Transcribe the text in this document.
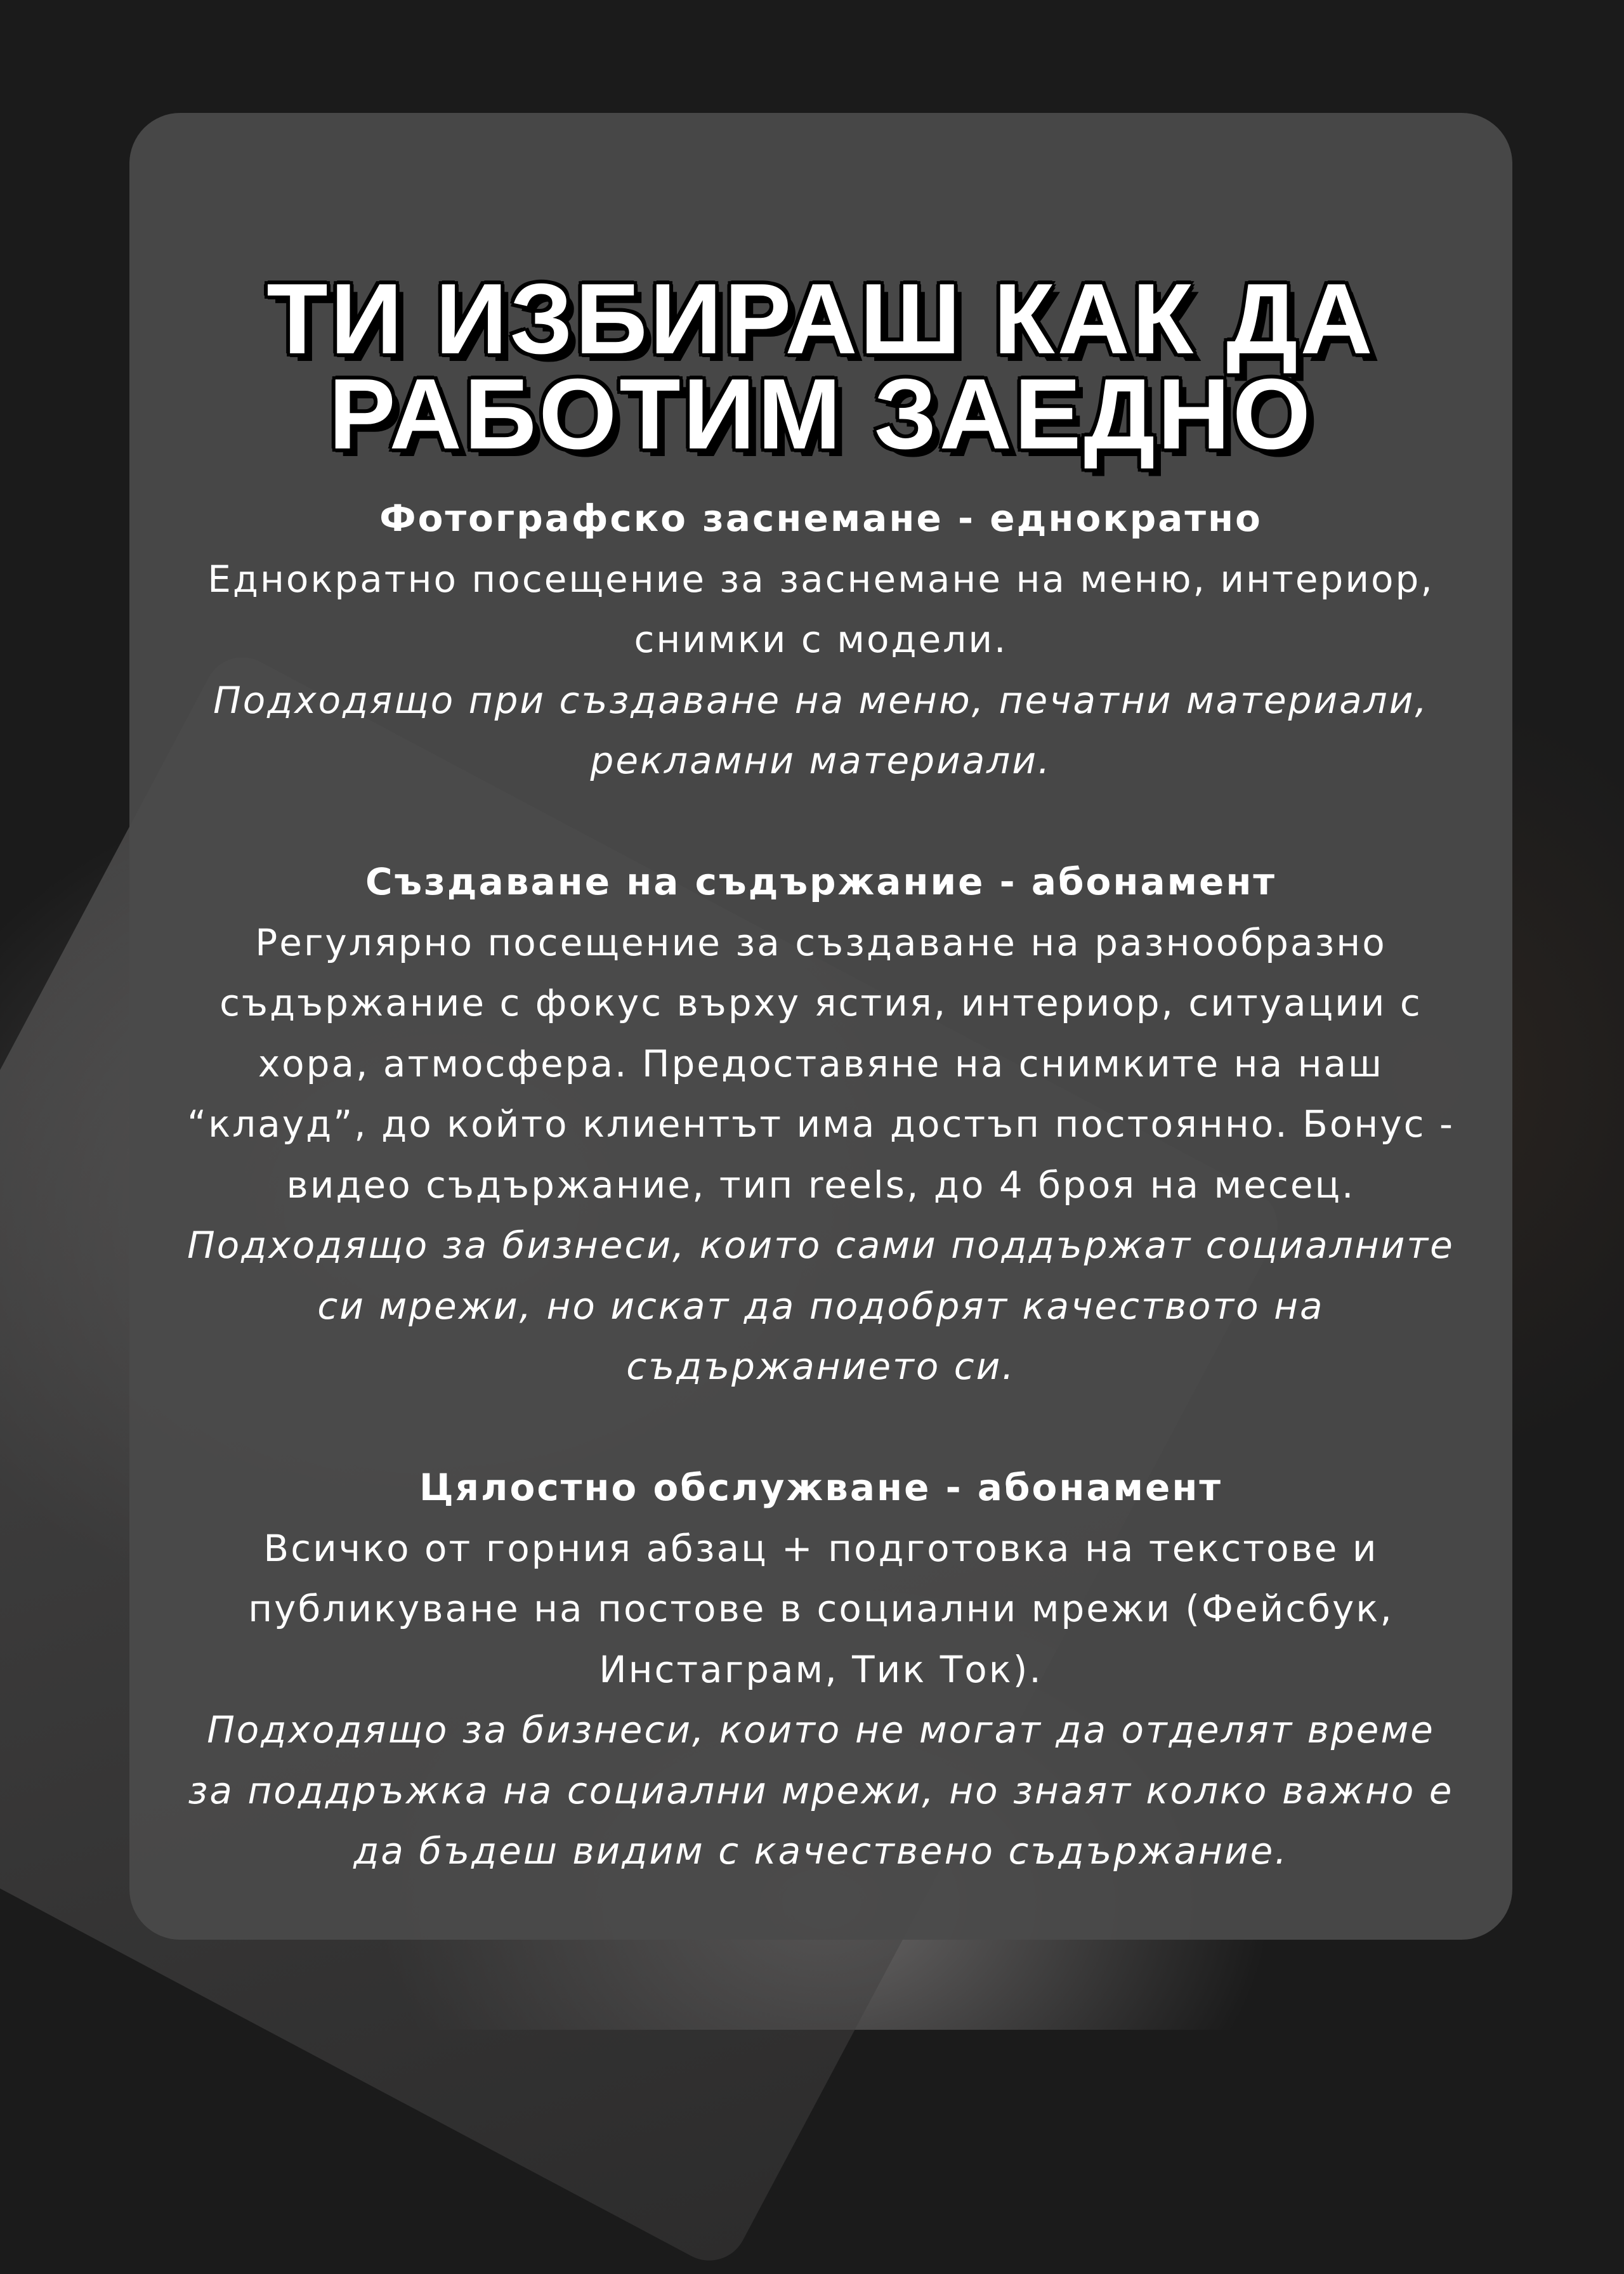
ТИ ИЗБИРАШ КАК ДА
РАБОТИМ ЗАЕДНО
Фотографско заснемане - еднократно
Еднократно посещение за заснемане на меню, интериор,
снимки с модели.
Подходящо при създаване на меню, печатни материали,
рекламни материали.
Създаване на съдържание - абонамент
Регулярно посещение за създаване на разнообразно
съдържание с фокус върху ястия, интериор, ситуации с
хора, атмосфера. Предоставяне на снимките на наш
“клауд”, до който клиентът има достъп постоянно. Бонус -
видео съдържание, тип reels, до 4 броя на месец.
Подходящо за бизнеси, които сами поддържат социалните
си мрежи, но искат да подобрят качеството на
съдържанието си.
Цялостно обслужване - абонамент
Всичко от горния абзац + подготовка на текстове и
публикуване на постове в социални мрежи (Фейсбук,
Инстаграм, Тик Ток).
Подходящо за бизнеси, които не могат да отделят време
за поддръжка на социални мрежи, но знаят колко важно е
да бъдеш видим с качествено съдържание.
